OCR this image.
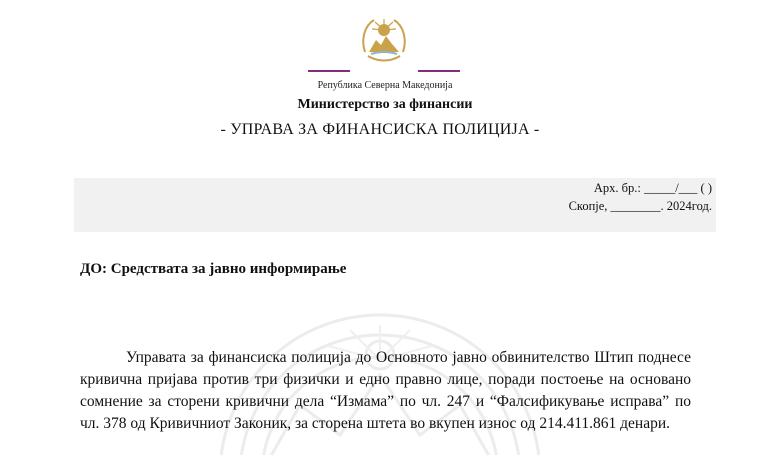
Република Северна Македонија
Министерство за финансии
- УПРАВА ЗА ФИНАНСИСКА ПОЛИЦИЈА -
Арх. бр.: _____/___ ( )
Скопје, ________. 2024год.
ДО: Средствата за јавно информирање
Управата за финансиска полиција до Основното јавно обвинителство Штип поднесе кривична пријава против три физички и едно правно лице, поради постоење на основано сомнение за сторени кривични дела “Измама” по чл. 247 и “Фалсификување исправа” по чл. 378 од Кривичниот Законик, за сторена штета во вкупен износ од 214.411.861 денари.
